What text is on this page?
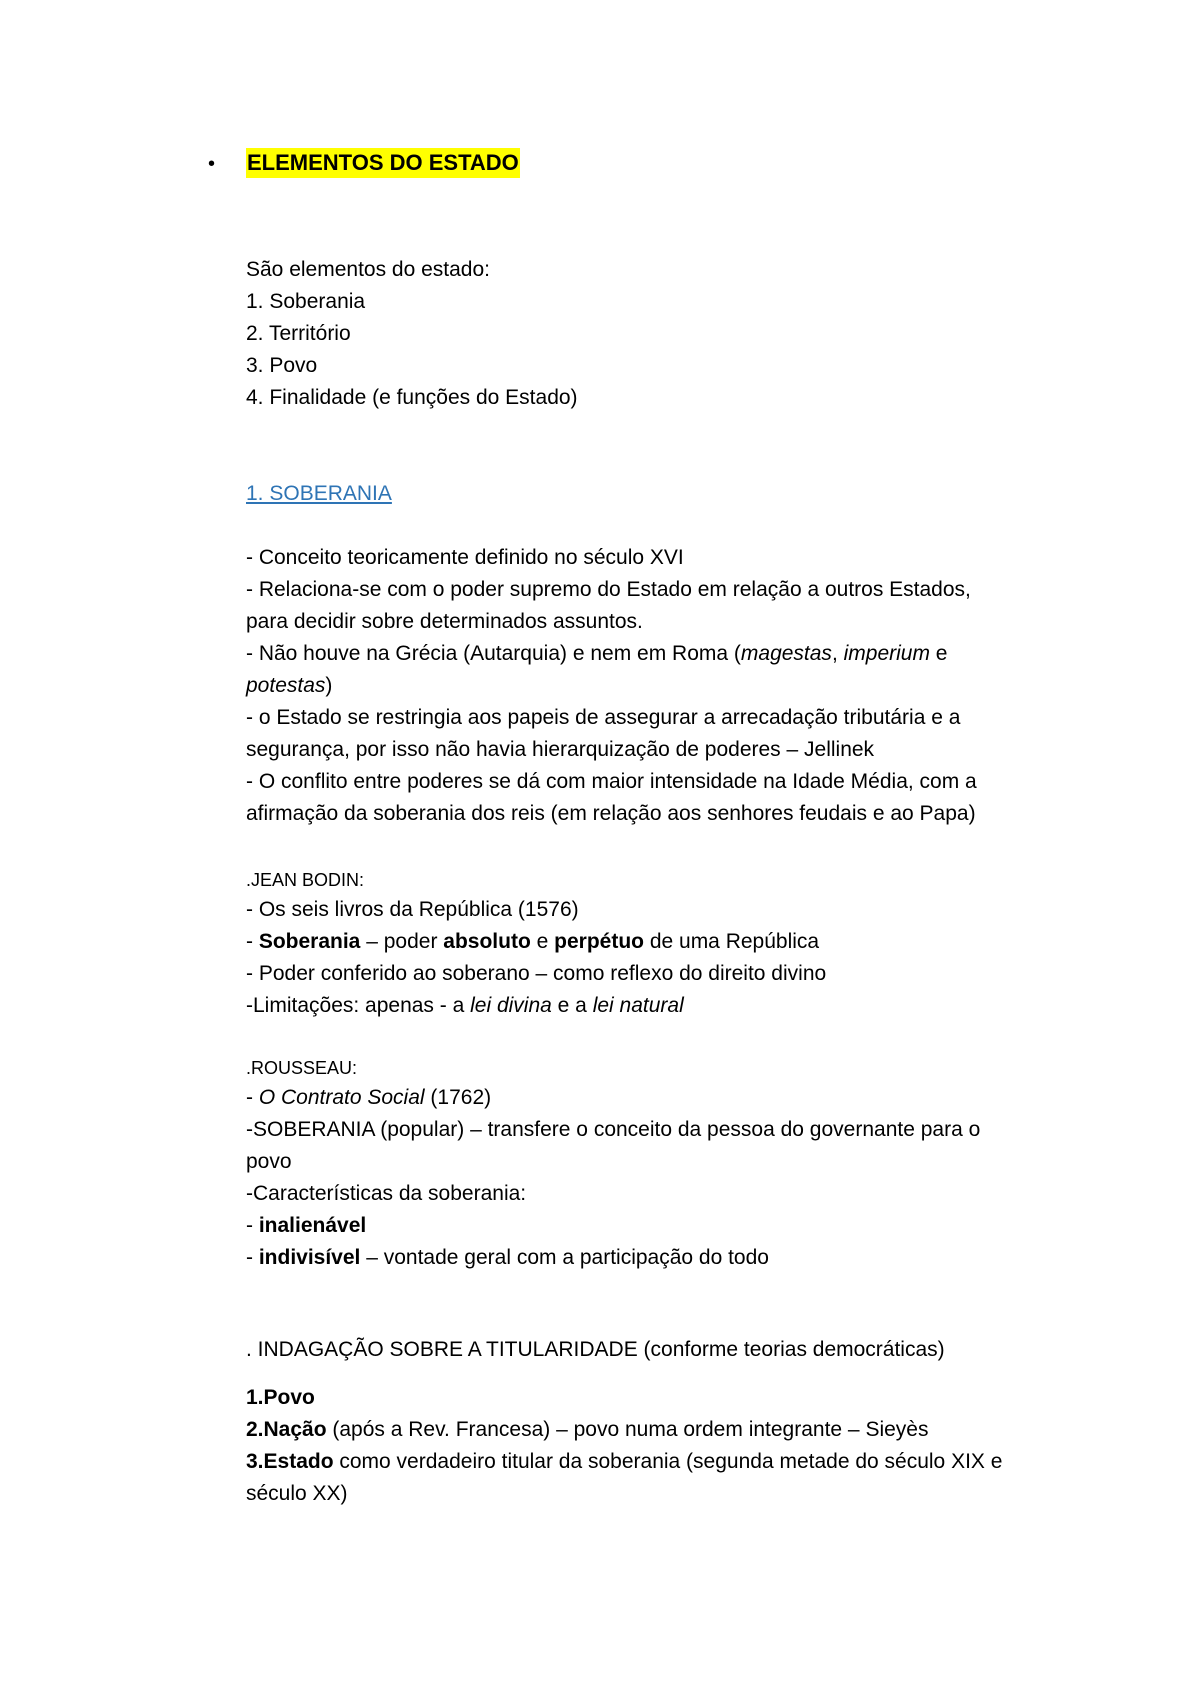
• ELEMENTOS DO ESTADO
São elementos do estado:
1. Soberania
2. Território
3. Povo
4. Finalidade (e funções do Estado)
1. SOBERANIA
- Conceito teoricamente definido no século XVI
- Relaciona-se com o poder supremo do Estado em relação a outros Estados,
para decidir sobre determinados assuntos.
- Não houve na Grécia (Autarquia) e nem em Roma (magestas, imperium e
potestas)
- o Estado se restringia aos papeis de assegurar a arrecadação tributária e a
segurança, por isso não havia hierarquização de poderes – Jellinek
- O conflito entre poderes se dá com maior intensidade na Idade Média, com a
afirmação da soberania dos reis (em relação aos senhores feudais e ao Papa)
.JEAN BODIN:
- Os seis livros da República (1576)
- Soberania – poder absoluto e perpétuo de uma República
- Poder conferido ao soberano – como reflexo do direito divino
-Limitações: apenas - a lei divina e a lei natural
.ROUSSEAU:
- O Contrato Social (1762)
-SOBERANIA (popular) – transfere o conceito da pessoa do governante para o
povo
-Características da soberania:
- inalienável
- indivisível – vontade geral com a participação do todo
. INDAGAÇÃO SOBRE A TITULARIDADE (conforme teorias democráticas)
1.Povo
2.Nação (após a Rev. Francesa) – povo numa ordem integrante – Sieyès
3.Estado como verdadeiro titular da soberania (segunda metade do século XIX e
século XX)
